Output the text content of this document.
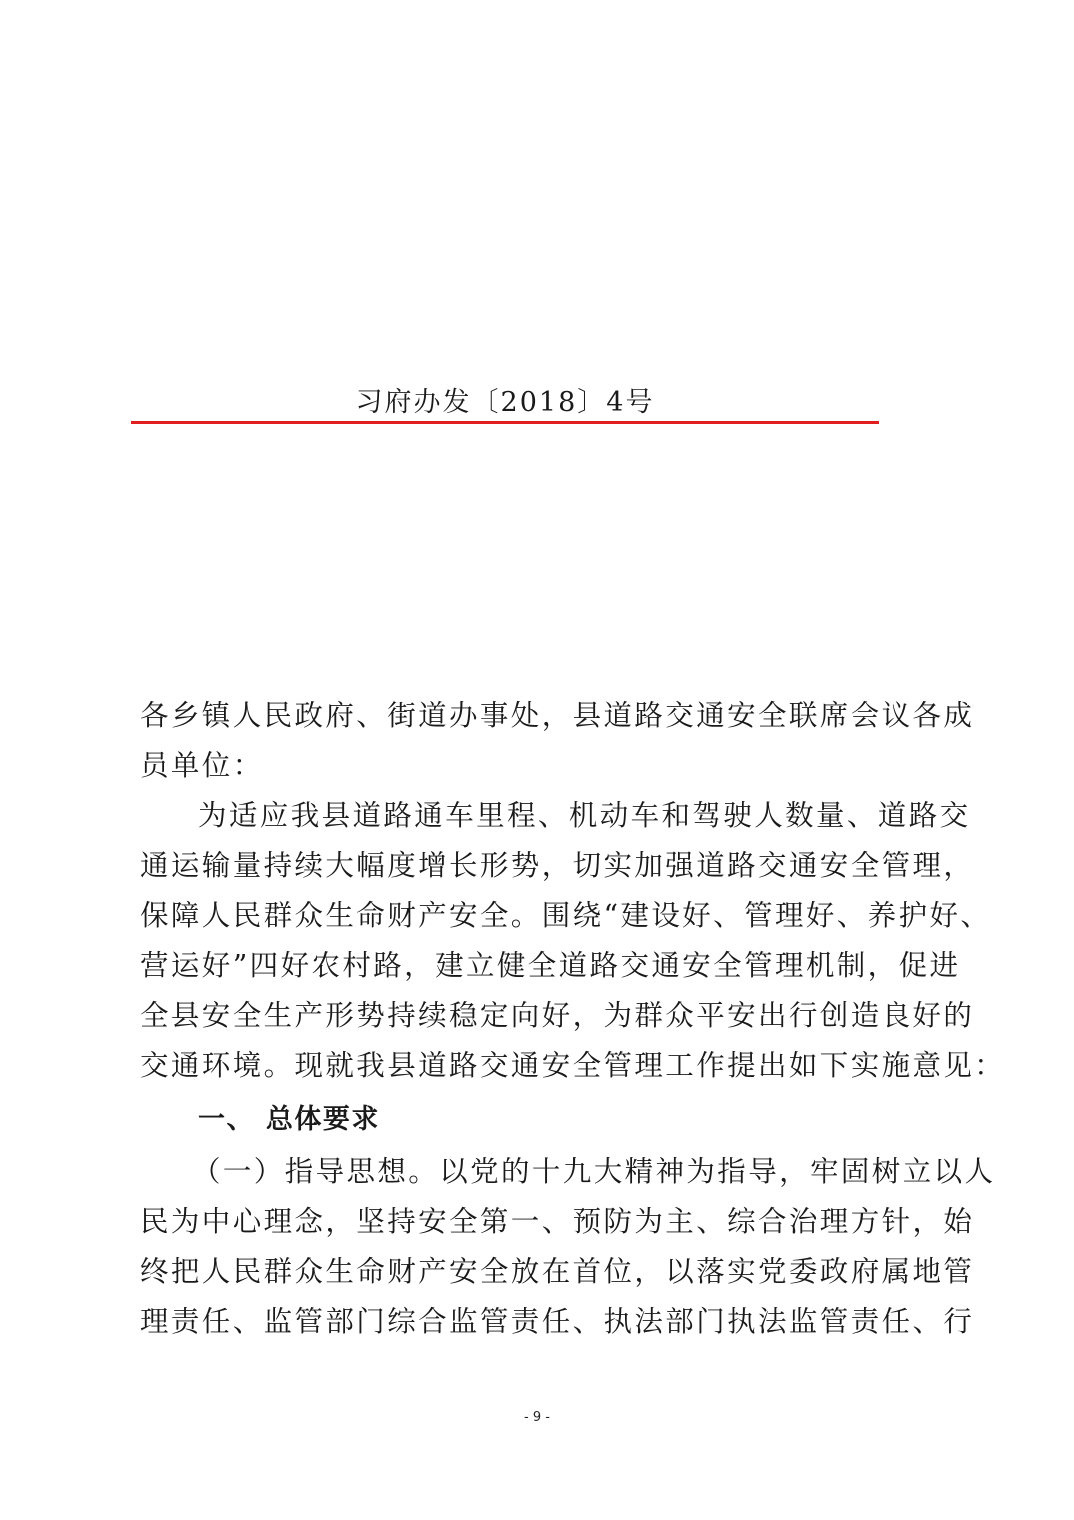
习府办发〔2018〕4号
各乡镇人民政府、街道办事处，县道路交通安全联席会议各成
员单位：
为适应我县道路通车里程、机动车和驾驶人数量、道路交
通运输量持续大幅度增长形势，切实加强道路交通安全管理，
保障人民群众生命财产安全。围绕“建设好、管理好、养护好、
营运好”四好农村路，建立健全道路交通安全管理机制，促进
全县安全生产形势持续稳定向好，为群众平安出行创造良好的
交通环境。现就我县道路交通安全管理工作提出如下实施意见：
一、 总体要求
（一）指导思想。以党的十九大精神为指导，牢固树立以人
民为中心理念，坚持安全第一、预防为主、综合治理方针，始
终把人民群众生命财产安全放在首位，以落实党委政府属地管
理责任、监管部门综合监管责任、执法部门执法监管责任、行
- 9 -
